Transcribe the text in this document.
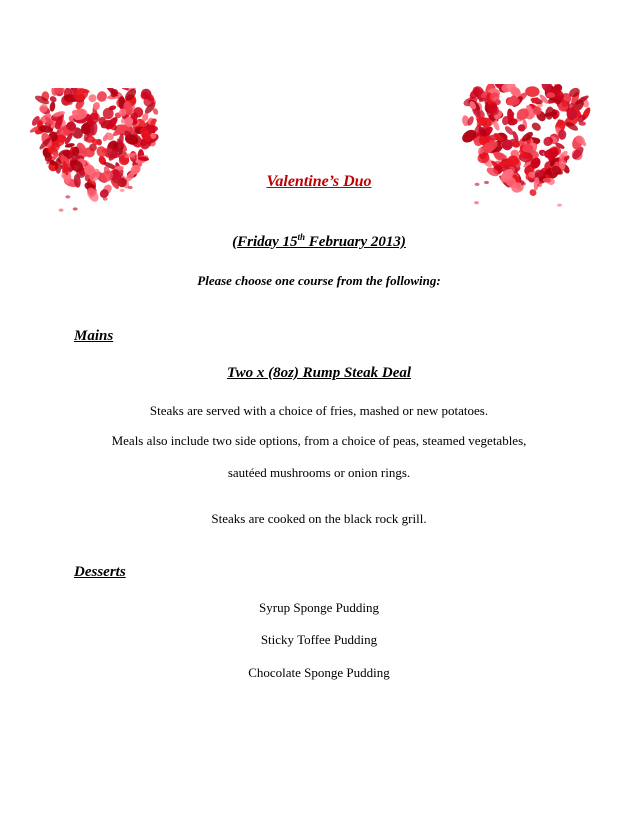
Valentine’s Duo
(Friday 15th February 2013)
Please choose one course from the following:
Mains
Two x (8oz) Rump Steak Deal
Steaks are served with a choice of fries, mashed or new potatoes.
Meals also include two side options, from a choice of peas, steamed vegetables,
sautéed mushrooms or onion rings.
Steaks are cooked on the black rock grill.
Desserts
Syrup Sponge Pudding
Sticky Toffee Pudding
Chocolate Sponge Pudding
